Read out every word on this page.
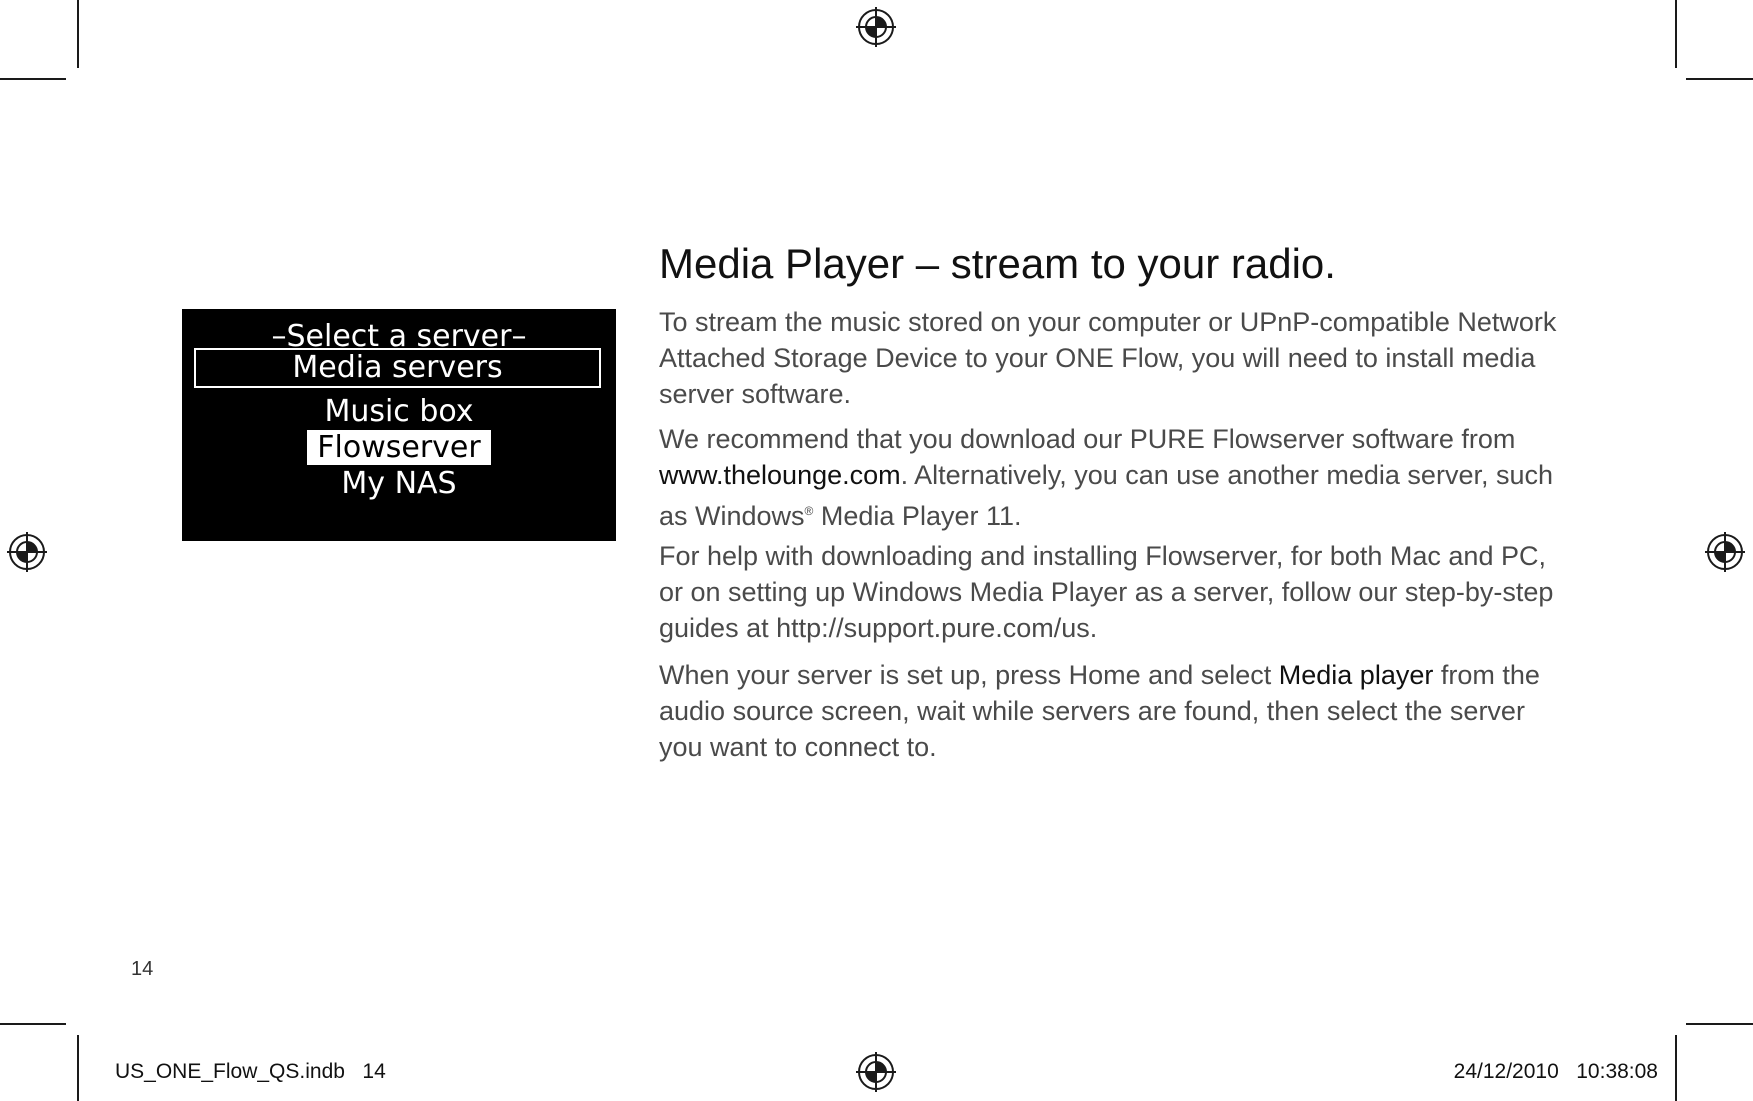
–Select a server–
Media servers
Music box
Flowserver
My NAS
Media Player – stream to your radio.

To stream the music stored on your computer or UPnP-compatible Network Attached Storage Device to your ONE Flow, you will need to install media server software.

We recommend that you download our PURE Flowserver software from www.thelounge.com. Alternatively, you can use another media server, such as Windows® Media Player 11.

For help with downloading and installing Flowserver, for both Mac and PC, or on setting up Windows Media Player as a server, follow our step-by-step guides at http://support.pure.com/us.

When your server is set up, press Home and select Media player from the audio source screen, wait while servers are found, then select the server you want to connect to.

14
US_ONE_Flow_QS.indb   14	24/12/2010   10:38:08
